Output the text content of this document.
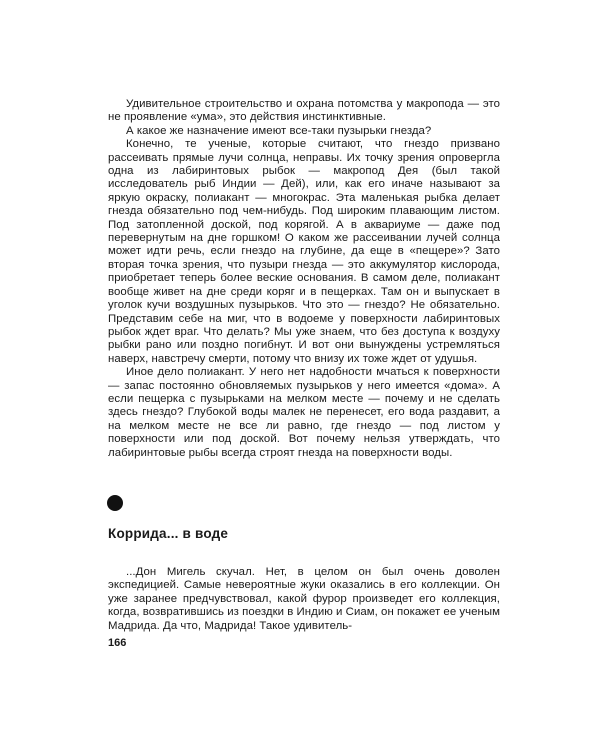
Удивительное строительство и охрана потомства у макропода — это не проявление «ума», это действия инстинктивные.

А какое же назначение имеют все-таки пузырьки гнезда?

Конечно, те ученые, которые считают, что гнездо призвано рассеивать прямые лучи солнца, неправы. Их точку зрения опровергла одна из лабиринтовых рыбок — макропод Дея (был такой исследователь рыб Индии — Дей), или, как его иначе называют за яркую окраску, полиакант — многокрас. Эта маленькая рыбка делает гнезда обязательно под чем-нибудь. Под широким плавающим листом. Под затопленной доской, под корягой. А в аквариуме — даже под перевернутым на дне горшком! О каком же рассеивании лучей солнца может идти речь, если гнездо на глубине, да еще в «пещере»? Зато вторая точка зрения, что пузыри гнезда — это аккумулятор кислорода, приобретает теперь более веские основания. В самом деле, полиакант вообще живет на дне среди коряг и в пещерках. Там он и выпускает в уголок кучи воздушных пузырьков. Что это — гнездо? Не обязательно. Представим себе на миг, что в водоеме у поверхности лабиринтовых рыбок ждет враг. Что делать? Мы уже знаем, что без доступа к воздуху рыбки рано или поздно погибнут. И вот они вынуждены устремляться наверх, навстречу смерти, потому что внизу их тоже ждет от удушья.

Иное дело полиакант. У него нет надобности мчаться к поверхности — запас постоянно обновляемых пузырьков у него имеется «дома». А если пещерка с пузырьками на мелком месте — почему и не сделать здесь гнездо? Глубокой воды малек не перенесет, его вода раздавит, а на мелком месте не все ли равно, где гнездо — под листом у поверхности или под доской. Вот почему нельзя утверждать, что лабиринтовые рыбы всегда строят гнезда на поверхности воды.

Коррида... в воде

...Дон Мигель скучал. Нет, в целом он был очень доволен экспедицией. Самые невероятные жуки оказались в его коллекции. Он уже заранее предчувствовал, какой фурор произведет его коллекция, когда, возвратившись из поездки в Индию и Сиам, он покажет ее ученым Мадрида. Да что, Мадрида! Такое удивитель-

166
